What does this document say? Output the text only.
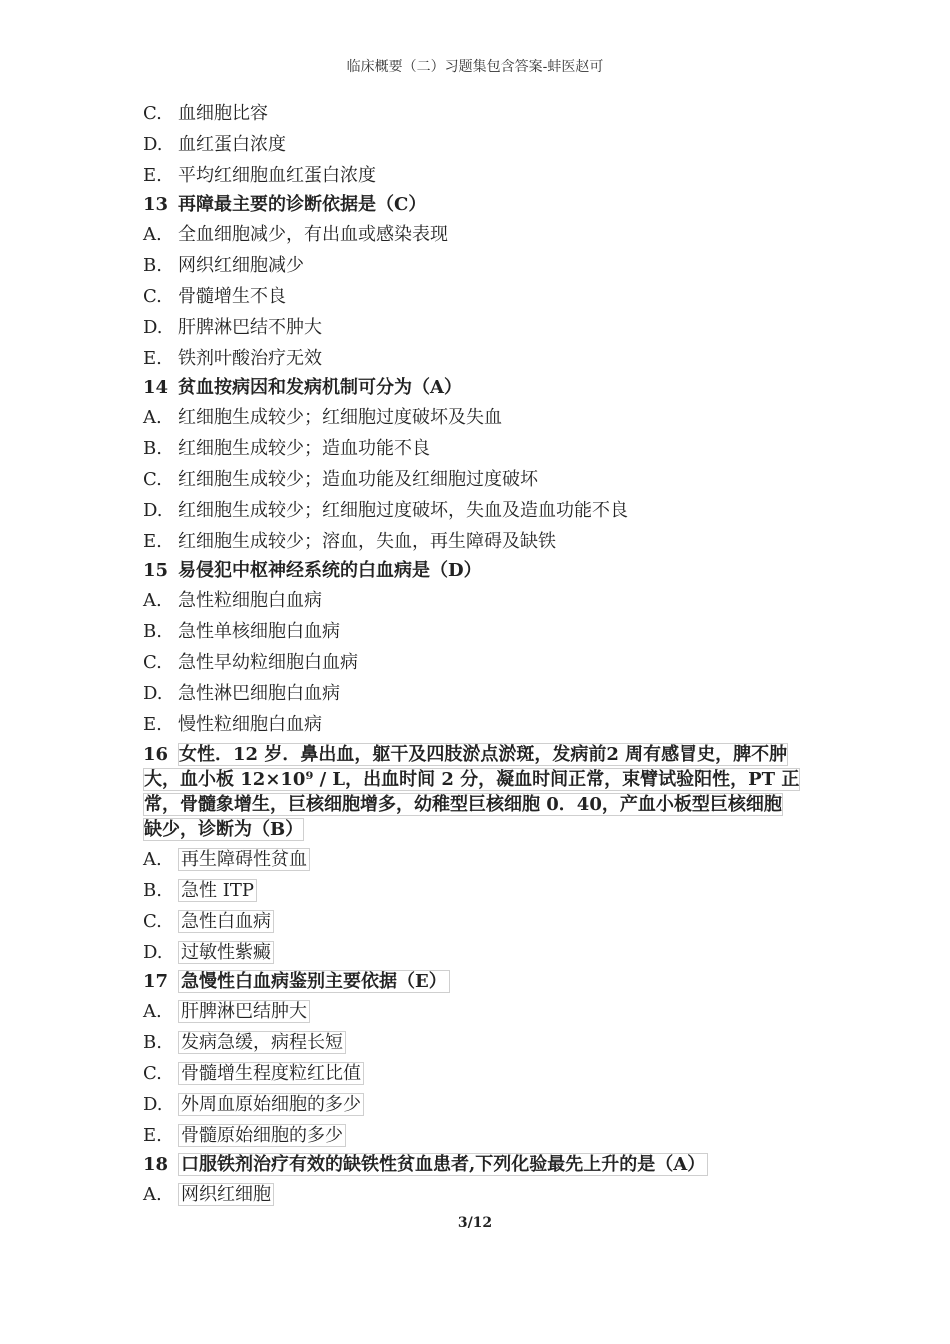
临床概要（二）习题集包含答案-蚌医赵可
C. 血细胞比容
D. 血红蛋白浓度
E. 平均红细胞血红蛋白浓度
13 再障最主要的诊断依据是（C）
A. 全血细胞减少，有出血或感染表现
B. 网织红细胞减少
C. 骨髓增生不良
D. 肝脾淋巴结不肿大
E. 铁剂叶酸治疗无效
14 贫血按病因和发病机制可分为（A）
A. 红细胞生成较少；红细胞过度破坏及失血
B. 红细胞生成较少；造血功能不良
C. 红细胞生成较少；造血功能及红细胞过度破坏
D. 红细胞生成较少；红细胞过度破坏，失血及造血功能不良
E. 红细胞生成较少；溶血，失血，再生障碍及缺铁
15 易侵犯中枢神经系统的白血病是（D）
A. 急性粒细胞白血病
B. 急性单核细胞白血病
C. 急性早幼粒细胞白血病
D. 急性淋巴细胞白血病
E. 慢性粒细胞白血病
16 女性．12 岁．鼻出血，躯干及四肢淤点淤斑，发病前2 周有感冒史，脾不肿
大，血小板 12×10⁹ / L，出血时间 2 分，凝血时间正常，束臂试验阳性，PT 正
常，骨髓象增生，巨核细胞增多，幼稚型巨核细胞 0．40，产血小板型巨核细胞
缺少，诊断为（B）
A. 再生障碍性贫血
B. 急性 ITP
C. 急性白血病
D. 过敏性紫癜
17 急慢性白血病鉴别主要依据（E）
A. 肝脾淋巴结肿大
B. 发病急缓，病程长短
C. 骨髓增生程度粒红比值
D. 外周血原始细胞的多少
E. 骨髓原始细胞的多少
18 口服铁剂治疗有效的缺铁性贫血患者,下列化验最先上升的是（A）
A. 网织红细胞
3/12
